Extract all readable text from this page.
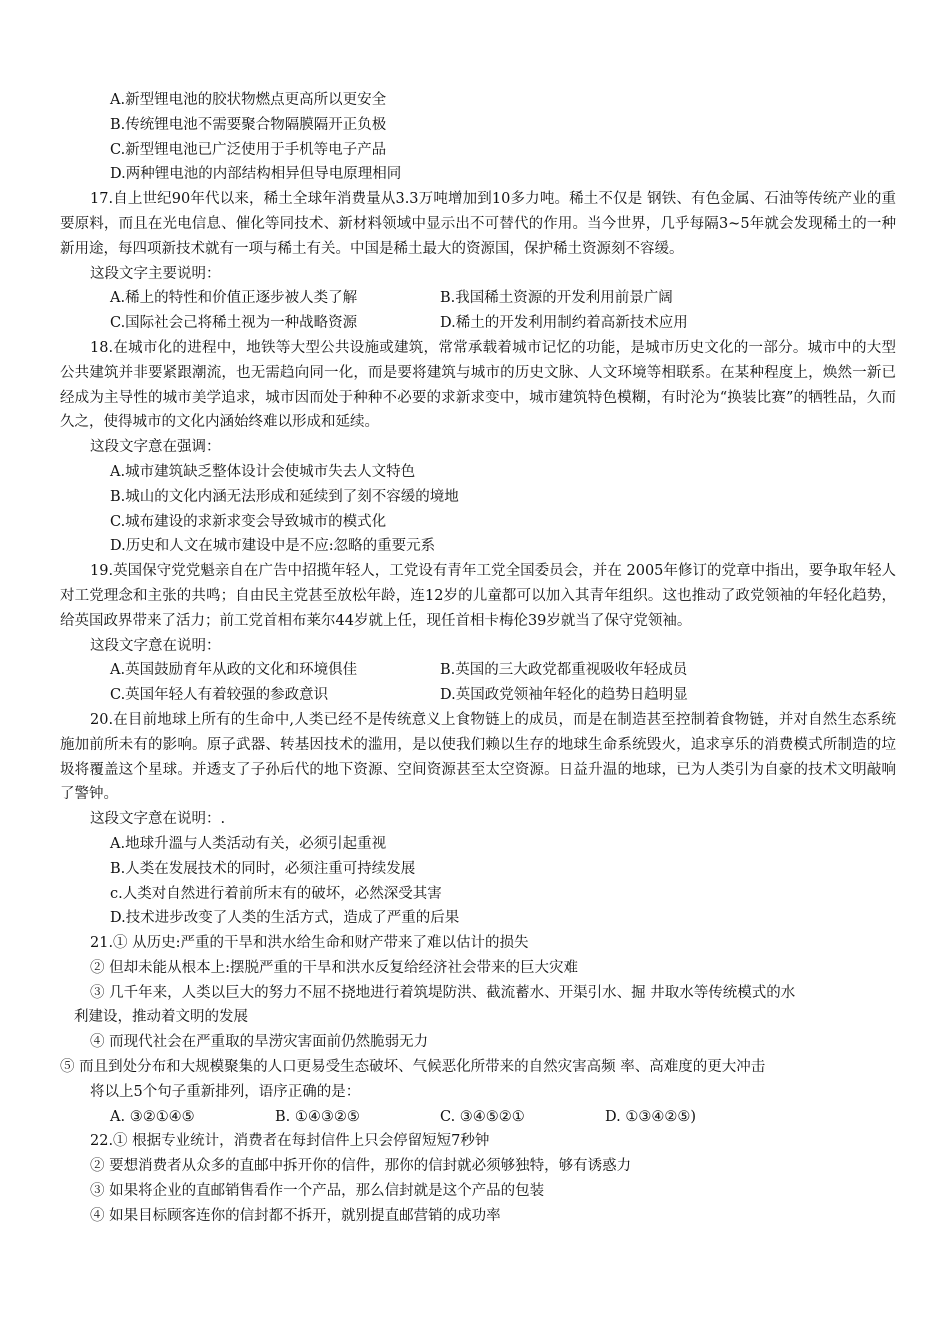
A.新型锂电池的胶状物燃点更高所以更安全
B.传统锂电池不需要聚合物隔膜隔开正负极
C.新型锂电池已广泛使用于手机等电子产品
D.两种锂电池的内部结构相异但导电原理相同
17.自上世纪90年代以来，稀土全球年消费量从3.3万吨增加到10多力吨。稀土不仅是 钢铁、有色金属、石油等传统产业的重要原料，而且在光电信息、催化等同技术、新材料领域中显示出不可替代的作用。当今世界，几乎每隔3~5年就会发现稀土的一种新用途，每四项新技术就有一项与稀土有关。中国是稀土最大的资源国，保护稀土资源刻不容缓。
这段文字主要说明：
A.稀上的特性和价值正逐步被人类了解	B.我国稀土资源的开发利用前景广阔
C.国际社会己将稀土视为一种战略资源	D.稀土的开发利用制约着高新技术应用
18.在城市化的进程中，地铁等大型公共设施或建筑，常常承载着城市记忆的功能，是城市历史文化的一部分。城市中的大型公共建筑并非要紧跟潮流，也无需趋向同一化，而是要将建筑与城市的历史文脉、人文环境等相联系。在某种程度上，焕然一新已经成为主导性的城市美学追求，城市因而处于种种不必要的求新求变中，城市建筑特色模糊，有时沦为“换装比赛”的牺牲品，久而久之，使得城市的文化内涵始终难以形成和延续。
这段文字意在强调：
A.城市建筑缺乏整体设计会使城市失去人文特色
B.城山的文化内涵无法形成和延续到了刻不容缓的境地
C.城布建设的求新求变会导致城市的模式化
D.历史和人文在城市建设中是不应:忽略的重要元系
19.英国保守党党魁亲自在广告中招揽年轻人，工党设有青年工党全国委员会，并在 2005年修订的党章中指出，要争取年轻人对工党理念和主张的共鸣；自由民主党甚至放松年龄，连12岁的儿童都可以加入其青年组织。这也推动了政党领袖的年轻化趋势，给英国政界带来了活力；前工党首相布莱尔44岁就上任，现任首相卡梅伦39岁就当了保守党领袖。
这段文字意在说明：
A.英国鼓励育年从政的文化和环境俱佳	B.英国的三大政党都重视吸收年轻成员
C.英国年轻人有着较强的参政意识	D.英国政党领袖年轻化的趋势日趋明显
20.在目前地球上所有的生命中,人类已经不是传统意义上食物链上的成员，而是在制造甚至控制着食物链，并对自然生态系统施加前所未有的影响。原子武器、转基因技术的滥用，是以使我们赖以生存的地球生命系统毁火，追求享乐的消费模式所制造的垃圾将覆盖这个星球。并透支了子孙后代的地下资源、空间资源甚至太空资源。日益升温的地球，已为人类引为自豪的技术文明敲响了警钟。
这段文字意在说明：.
A.地球升溫与人类活动有关，必须引起重视
B.人类在发展技术的同时，必须注重可持续发展
c.人类对自然进行着前所末有的破坏，必然深受其害
D.技术进步改变了人类的生活方式，造成了严重的后果
21.① 从历史:严重的干旱和洪水给生命和财产带来了难以估计的损失
② 但却未能从根本上:摆脱严重的干旱和洪水反复给经济社会带来的巨大灾难
③ 几千年来，人类以巨大的努力不屈不挠地进行着筑堤防洪、截流蓄水、开渠引水、掘 井取水等传统模式的水
利建设，推动着文明的发展
④ 而现代社会在严重取的旱涝灾害面前仍然脆弱无力
⑤ 而且到处分布和大规模聚集的人口更易受生态破坏、气候恶化所带来的自然灾害高频 率、高难度的更大冲击
将以上5个句子重新排列，语序正确的是：
A. ③②①④⑤	B. ①④③②⑤	C. ③④⑤②①	D. ①③④②⑤)
22.① 根据专业统计，消费者在每封信件上只会停留短短7秒钟
② 要想消费者从众多的直邮中拆开你的信件，那你的信封就必须够独特，够有诱惑力
③ 如果将企业的直邮销售看作一个产品，那么信封就是这个产品的包装
④ 如果目标顾客连你的信封都不拆开，就别提直邮营销的成功率
